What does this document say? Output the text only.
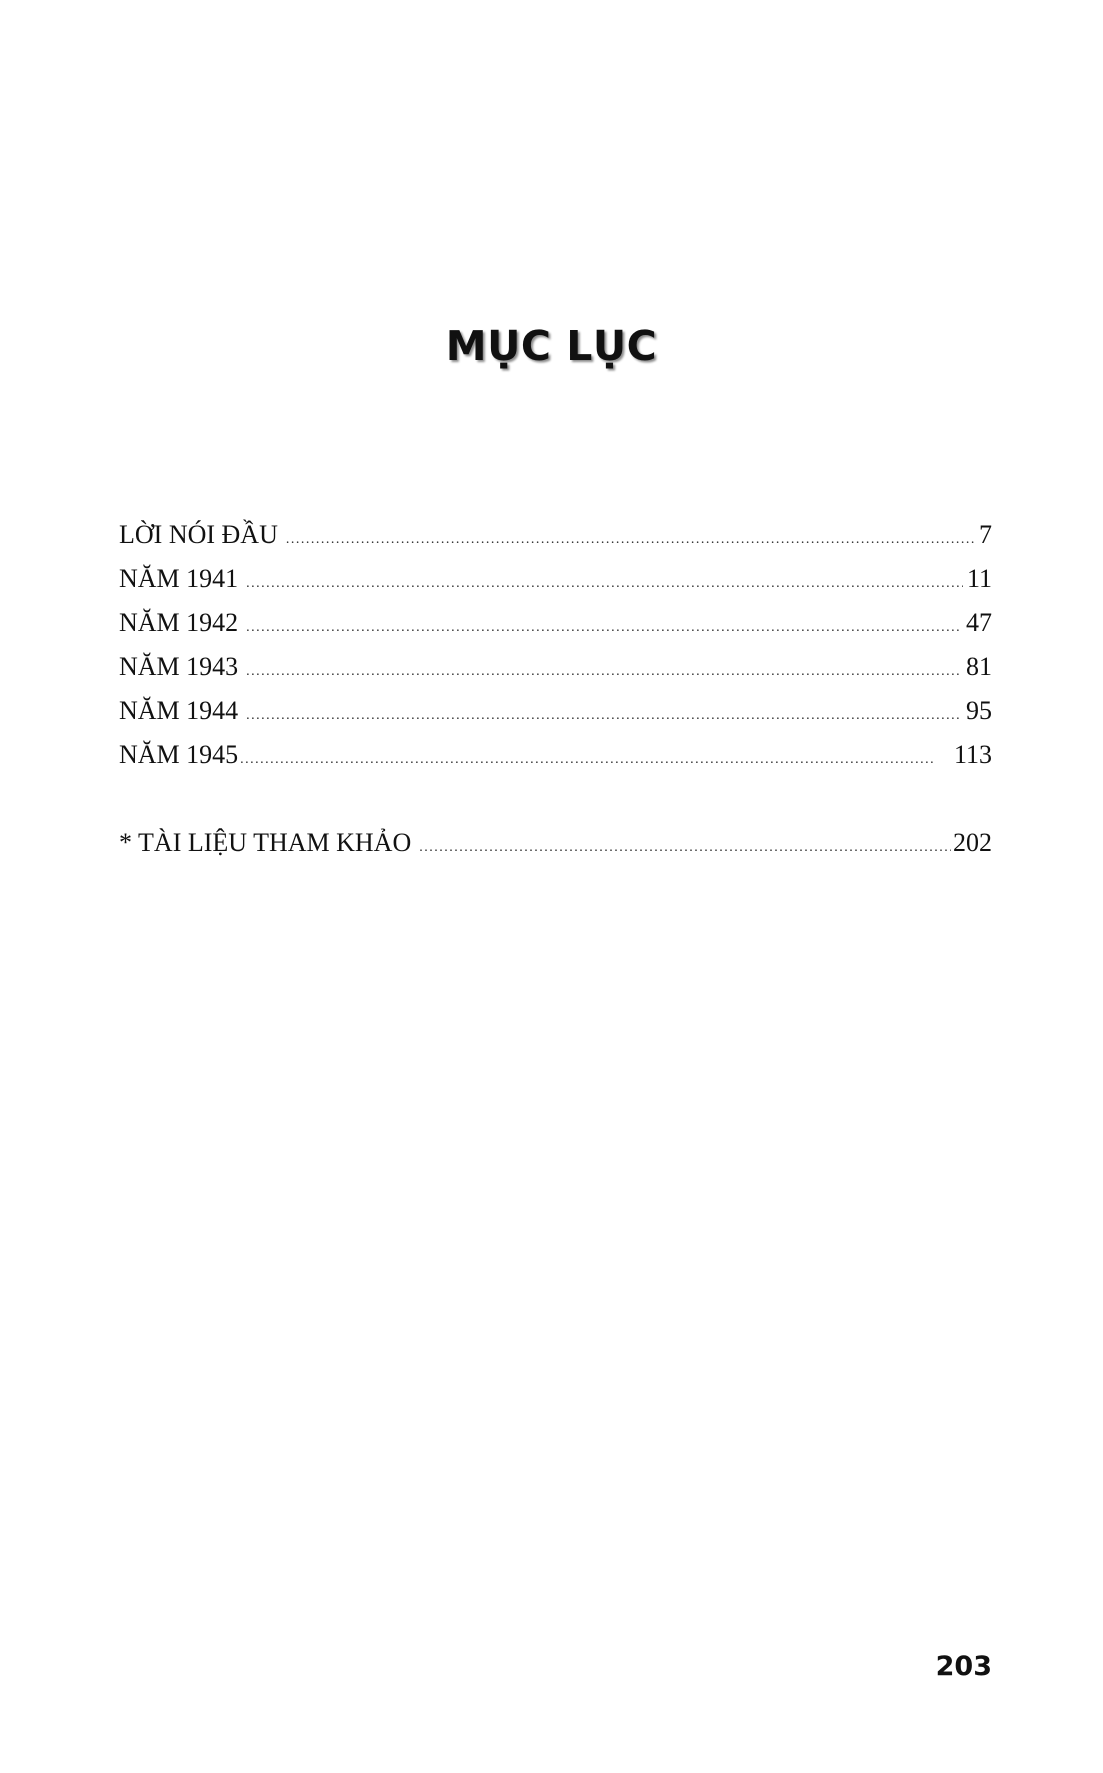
MỤC LỤC
LỜI NÓI ĐẦU .....	7
NĂM 1941 .....	11
NĂM 1942 .....	47
NĂM 1943 .....	81
NĂM 1944 .....	95
NĂM 1945 .....	113
* TÀI LIỆU THAM KHẢO .....	202
203
